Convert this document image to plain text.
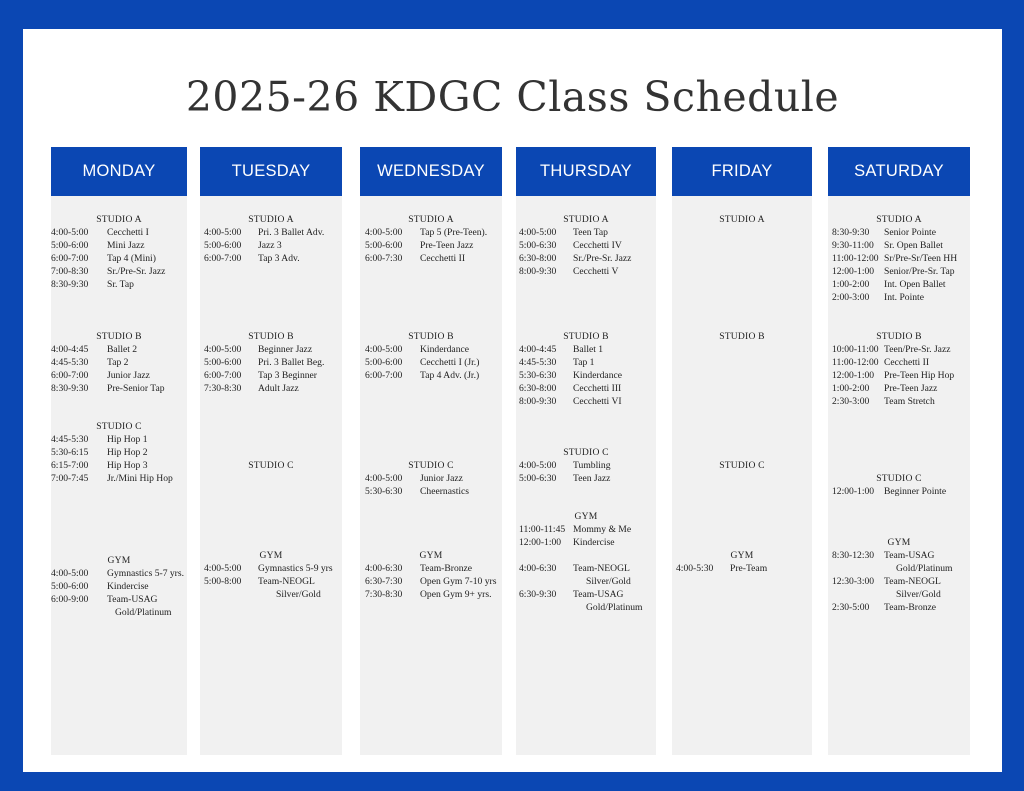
2025-26 KDGC Class Schedule
MONDAY
STUDIO A
4:00-5:00 Cecchetti I
5:00-6:00 Mini Jazz
6:00-7:00 Tap 4 (Mini)
7:00-8:30 Sr./Pre-Sr. Jazz
8:30-9:30 Sr. Tap
STUDIO B
4:00-4:45 Ballet 2
4:45-5:30 Tap 2
6:00-7:00 Junior Jazz
8:30-9:30 Pre-Senior Tap
STUDIO C
4:45-5:30 Hip Hop 1
5:30-6:15 Hip Hop 2
6:15-7:00 Hip Hop 3
7:00-7:45 Jr./Mini Hip Hop
GYM
4:00-5:00 Gymnastics 5-7 yrs.
5:00-6:00 Kindercise
6:00-9:00 Team-USAG
Gold/Platinum
TUESDAY
STUDIO A
4:00-5:00 Pri. 3 Ballet Adv.
5:00-6:00 Jazz 3
6:00-7:00 Tap 3 Adv.
STUDIO B
4:00-5:00 Beginner Jazz
5:00-6:00 Pri. 3 Ballet Beg.
6:00-7:00 Tap 3 Beginner
7:30-8:30 Adult Jazz
STUDIO C
GYM
4:00-5:00 Gymnastics 5-9 yrs
5:00-8:00 Team-NEOGL
Silver/Gold
WEDNESDAY
STUDIO A
4:00-5:00 Tap 5 (Pre-Teen).
5:00-6:00 Pre-Teen Jazz
6:00-7:30 Cecchetti II
STUDIO B
4:00-5:00 Kinderdance
5:00-6:00 Cecchetti I (Jr.)
6:00-7:00 Tap 4 Adv. (Jr.)
STUDIO C
4:00-5:00 Junior Jazz
5:30-6:30 Cheernastics
GYM
4:00-6:30 Team-Bronze
6:30-7:30 Open Gym 7-10 yrs
7:30-8:30 Open Gym 9+ yrs.
THURSDAY
STUDIO A
4:00-5:00 Teen Tap
5:00-6:30 Cecchetti IV
6:30-8:00 Sr./Pre-Sr. Jazz
8:00-9:30 Cecchetti V
STUDIO B
4:00-4:45 Ballet 1
4:45-5:30 Tap 1
5:30-6:30 Kinderdance
6:30-8:00 Cecchetti III
8:00-9:30 Cecchetti VI
STUDIO C
4:00-5:00 Tumbling
5:00-6:30 Teen Jazz
GYM
11:00-11:45 Mommy & Me
12:00-1:00 Kindercise
4:00-6:30 Team-NEOGL
Silver/Gold
6:30-9:30 Team-USAG
Gold/Platinum
FRIDAY
STUDIO A
STUDIO B
STUDIO C
GYM
4:00-5:30 Pre-Team
SATURDAY
STUDIO A
8:30-9:30 Senior Pointe
9:30-11:00 Sr. Open Ballet
11:00-12:00 Sr/Pre-Sr/Teen HH
12:00-1:00 Senior/Pre-Sr. Tap
1:00-2:00 Int. Open Ballet
2:00-3:00 Int. Pointe
STUDIO B
10:00-11:00 Teen/Pre-Sr. Jazz
11:00-12:00 Cecchetti II
12:00-1:00 Pre-Teen Hip Hop
1:00-2:00 Pre-Teen Jazz
2:30-3:00 Team Stretch
STUDIO C
12:00-1:00 Beginner Pointe
GYM
8:30-12:30 Team-USAG
Gold/Platinum
12:30-3:00 Team-NEOGL
Silver/Gold
2:30-5:00 Team-Bronze
